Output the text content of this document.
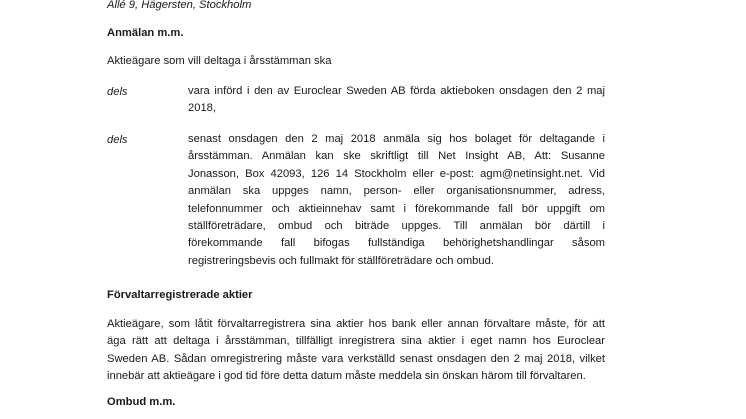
Allé 9, Hägersten, Stockholm
Anmälan m.m.
Aktieägare som vill deltaga i årsstämman ska
dels	vara införd i den av Euroclear Sweden AB förda aktieboken onsdagen den 2 maj
2018,
dels	senast onsdagen den 2 maj 2018 anmäla sig hos bolaget för deltagande i
årsstämman. Anmälan kan ske skriftligt till Net Insight AB, Att: Susanne
Jonasson, Box 42093, 126 14 Stockholm eller e-post: agm@netinsight.net. Vid
anmälan ska uppges namn, person- eller organisationsnummer, adress,
telefonnummer och aktieinnehav samt i förekommande fall bör uppgift om
ställföreträdare, ombud och biträde uppges. Till anmälan bör därtill i
förekommande fall bifogas fullständiga behörighetshandlingar såsom
registreringsbevis och fullmakt för ställföreträdare och ombud.
Förvaltarregistrerade aktier
Aktieägare, som låtit förvaltarregistrera sina aktier hos bank eller annan förvaltare måste, för att
äga rätt att deltaga i årsstämman, tillfälligt inregistrera sina aktier i eget namn hos Euroclear
Sweden AB. Sådan omregistrering måste vara verkställd senast onsdagen den 2 maj 2018, vilket
innebär att aktieägare i god tid före detta datum måste meddela sin önskan härom till förvaltaren.
Ombud m.m.
